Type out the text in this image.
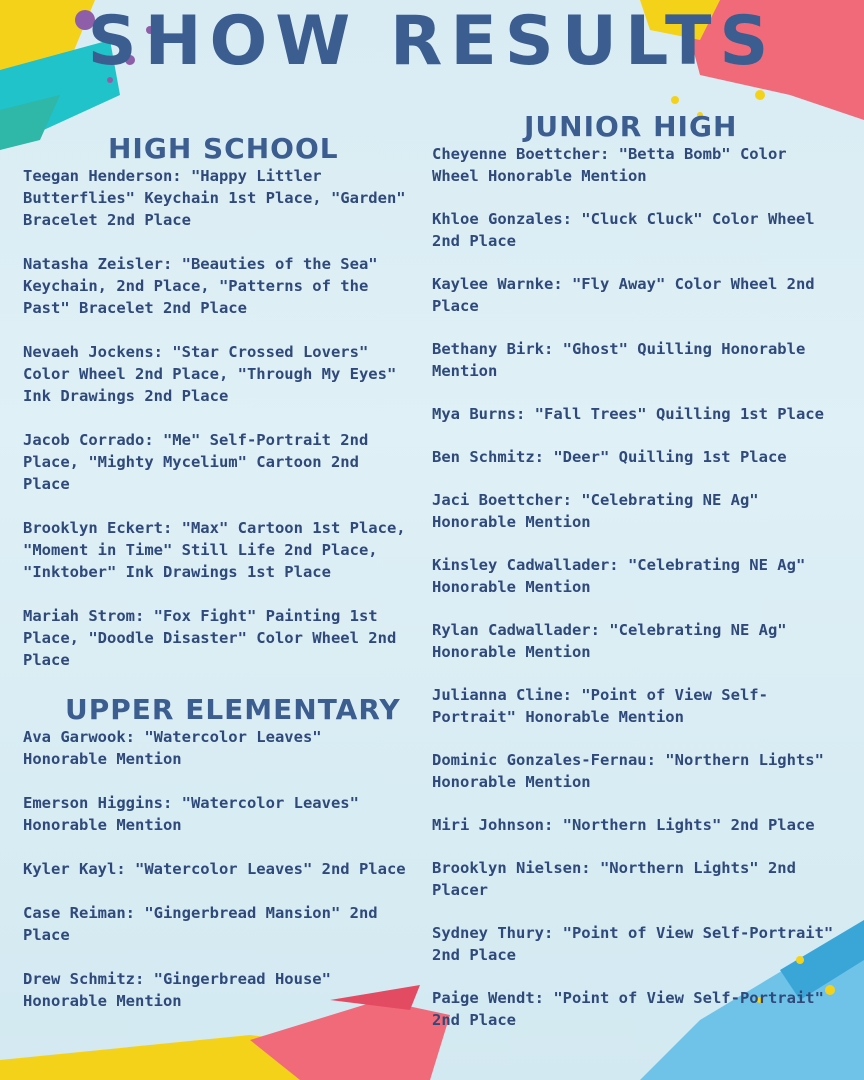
SHOW RESULTS
HIGH SCHOOL

Teegan Henderson: "Happy Littler Butterflies" Keychain 1st Place, "Garden" Bracelet 2nd Place

Natasha Zeisler: "Beauties of the Sea" Keychain, 2nd Place, "Patterns of the Past" Bracelet 2nd Place

Nevaeh Jockens: "Star Crossed Lovers" Color Wheel 2nd Place, "Through My Eyes" Ink Drawings 2nd Place

Jacob Corrado: "Me" Self-Portrait 2nd Place, "Mighty Mycelium" Cartoon 2nd Place

Brooklyn Eckert: "Max" Cartoon 1st Place, "Moment in Time" Still Life 2nd Place, "Inktober" Ink Drawings 1st Place

Mariah Strom: "Fox Fight" Painting 1st Place, "Doodle Disaster" Color Wheel 2nd Place

UPPER ELEMENTARY

Ava Garwook: "Watercolor Leaves" Honorable Mention

Emerson Higgins: "Watercolor Leaves" Honorable Mention

Kyler Kayl: "Watercolor Leaves" 2nd Place

Case Reiman: "Gingerbread Mansion" 2nd Place

Drew Schmitz: "Gingerbread House" Honorable Mention

JUNIOR HIGH

Cheyenne Boettcher: "Betta Bomb" Color Wheel Honorable Mention

Khloe Gonzales: "Cluck Cluck" Color Wheel 2nd Place

Kaylee Warnke: "Fly Away" Color Wheel 2nd Place

Bethany Birk: "Ghost" Quilling Honorable Mention

Mya Burns: "Fall Trees" Quilling 1st Place

Ben Schmitz: "Deer" Quilling 1st Place

Jaci Boettcher: "Celebrating NE Ag" Honorable Mention

Kinsley Cadwallader: "Celebrating NE Ag" Honorable Mention

Rylan Cadwallader: "Celebrating NE Ag" Honorable Mention

Julianna Cline: "Point of View Self-Portrait" Honorable Mention

Dominic Gonzales-Fernau: "Northern Lights" Honorable Mention

Miri Johnson: "Northern Lights" 2nd Place

Brooklyn Nielsen: "Northern Lights" 2nd Placer

Sydney Thury: "Point of View Self-Portrait" 2nd Place

Paige Wendt: "Point of View Self-Portrait" 2nd Place
